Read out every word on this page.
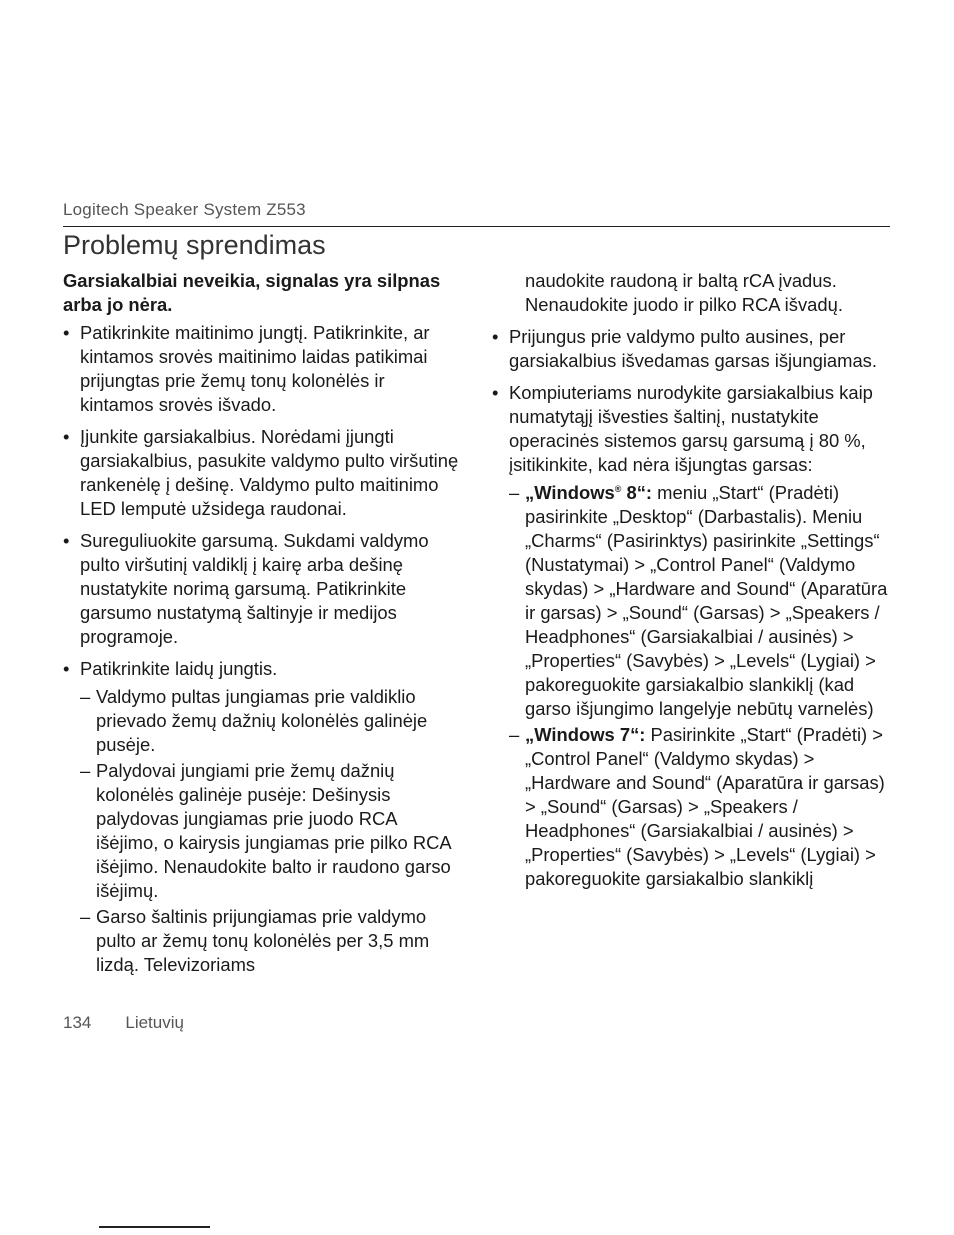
Logitech Speaker System Z553
Problemų sprendimas
Garsiakalbiai neveikia, signalas yra silpnas arba jo nėra.
• Patikrinkite maitinimo jungtį. Patikrinkite, ar kintamos srovės maitinimo laidas patikimai prijungtas prie žemų tonų kolonėlės ir kintamos srovės išvado.
• Įjunkite garsiakalbius. Norėdami įjungti garsiakalbius, pasukite valdymo pulto viršutinę rankenėlę į dešinę. Valdymo pulto maitinimo LED lemputė užsidega raudonai.
• Sureguliuokite garsumą. Sukdami valdymo pulto viršutinį valdiklį į kairę arba dešinę nustatykite norimą garsumą. Patikrinkite garsumo nustatymą šaltinyje ir medijos programoje.
• Patikrinkite laidų jungtis.
– Valdymo pultas jungiamas prie valdiklio prievado žemų dažnių kolonėlės galinėje pusėje.
– Palydovai jungiami prie žemų dažnių kolonėlės galinėje pusėje: Dešinysis palydovas jungiamas prie juodo RCA išėjimo, o kairysis jungiamas prie pilko RCA išėjimo. Nenaudokite balto ir raudono garso išėjimų.
– Garso šaltinis prijungiamas prie valdymo pulto ar žemų tonų kolonėlės per 3,5 mm lizdą. Televizoriams
naudokite raudoną ir baltą rCA įvadus. Nenaudokite juodo ir pilko RCA išvadų.
• Prijungus prie valdymo pulto ausines, per garsiakalbius išvedamas garsas išjungiamas.
• Kompiuteriams nurodykite garsiakalbius kaip numatytąjį išvesties šaltinį, nustatykite operacinės sistemos garsų garsumą į 80 %, įsitikinkite, kad nėra išjungtas garsas:
– „Windows® 8“: meniu „Start“ (Pradėti) pasirinkite „Desktop“ (Darbastalis). Meniu „Charms“ (Pasirinktys) pasirinkite „Settings“ (Nustatymai) > „Control Panel“ (Valdymo skydas) > „Hardware and Sound“ (Aparatūra ir garsas) > „Sound“ (Garsas) > „Speakers / Headphones“ (Garsiakalbiai / ausinės) > „Properties“ (Savybės) > „Levels“ (Lygiai) > pakoreguokite garsiakalbio slankiklį (kad garso išjungimo langelyje nebūtų varnelės)
– „Windows 7“: Pasirinkite „Start“ (Pradėti) > „Control Panel“ (Valdymo skydas) > „Hardware and Sound“ (Aparatūra ir garsas) > „Sound“ (Garsas) > „Speakers / Headphones“ (Garsiakalbiai / ausinės) > „Properties“ (Savybės) > „Levels“ (Lygiai) > pakoreguokite garsiakalbio slankiklį
134 Lietuvių
